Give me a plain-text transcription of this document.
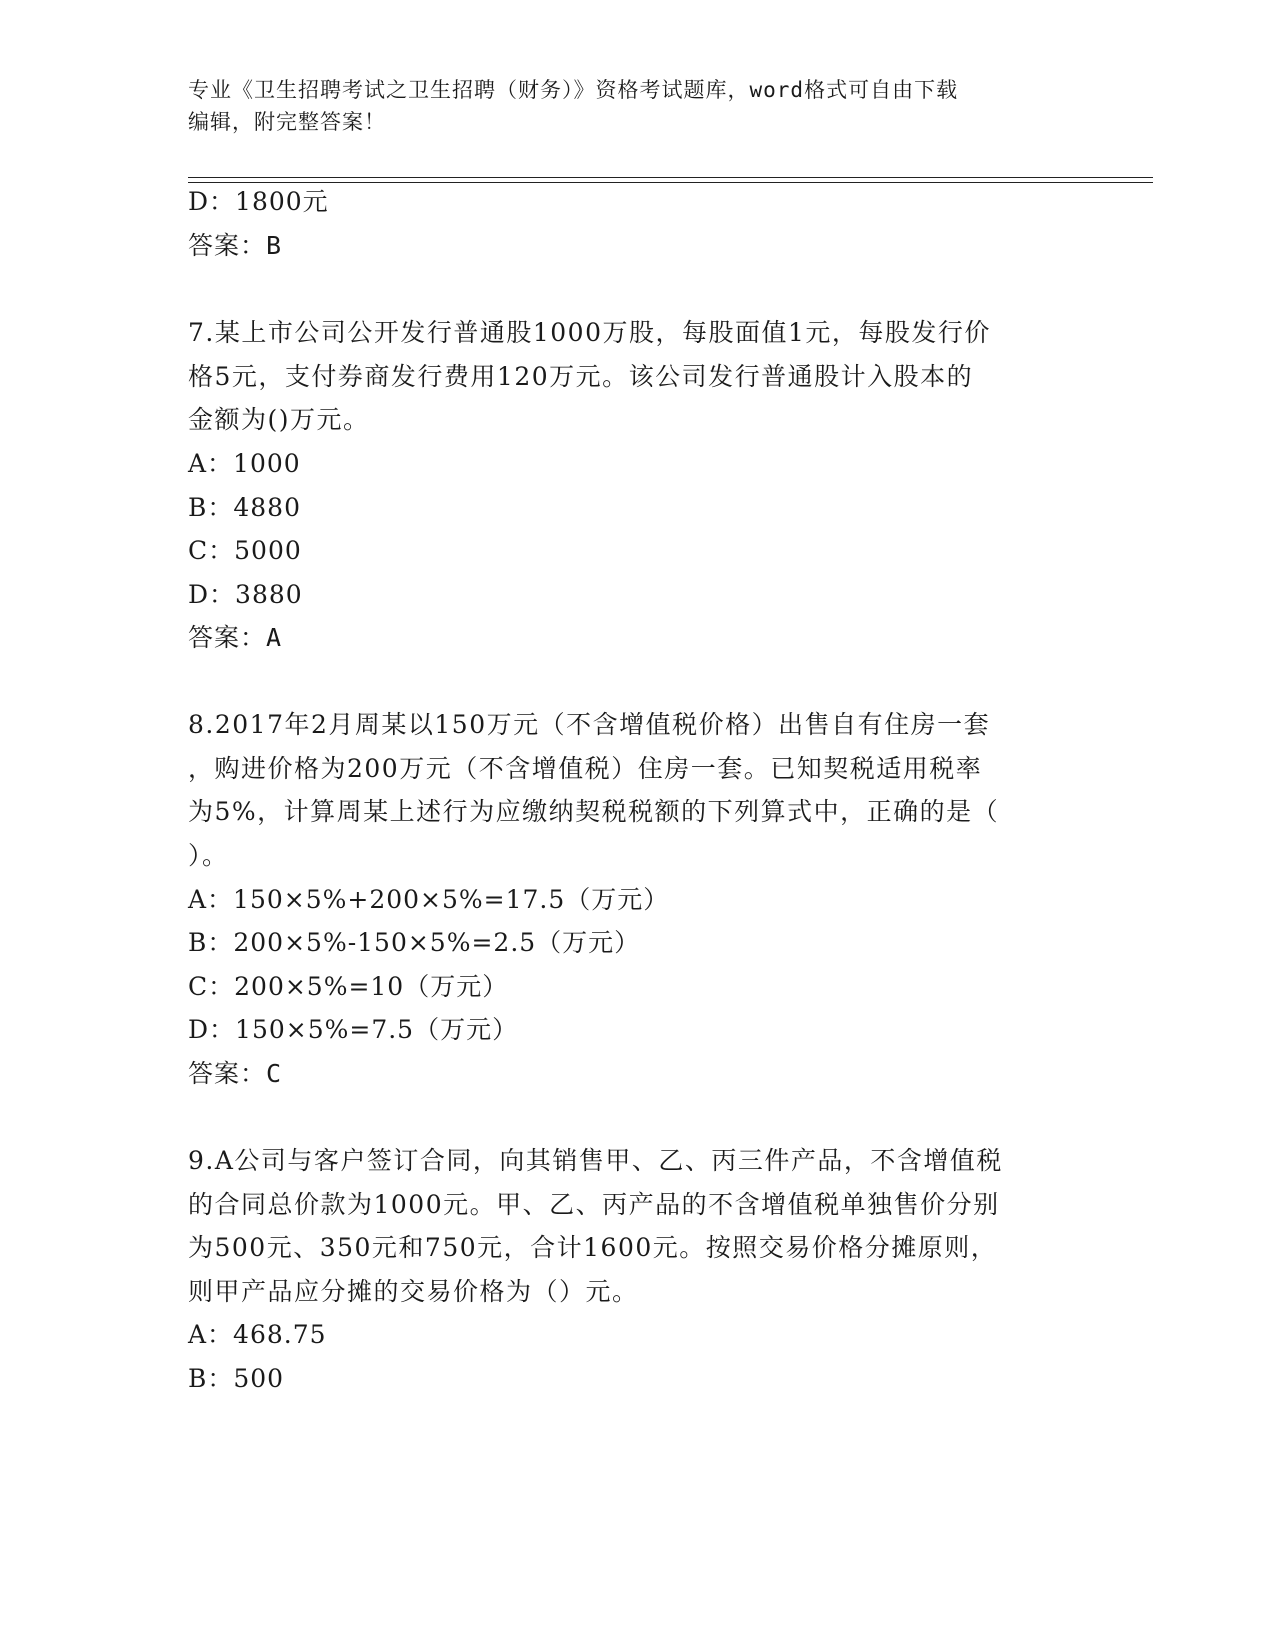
专业《卫生招聘考试之卫生招聘（财务）》资格考试题库，word格式可自由下载

编辑，附完整答案！

D：1800元

答案：B

7.某上市公司公开发行普通股1000万股，每股面值1元，每股发行价

格5元，支付券商发行费用120万元。该公司发行普通股计入股本的

金额为()万元。

A：1000

B：4880

C：5000

D：3880

答案：A

8.2017年2月周某以150万元（不含增值税价格）出售自有住房一套

，购进价格为200万元（不含增值税）住房一套。已知契税适用税率

为5%，计算周某上述行为应缴纳契税税额的下列算式中，正确的是（

）。

A：150×5%+200×5%=17.5（万元）

B：200×5%-150×5%=2.5（万元）

C：200×5%=10（万元）

D：150×5%=7.5（万元）

答案：C

9.A公司与客户签订合同，向其销售甲、乙、丙三件产品，不含增值税

的合同总价款为1000元。甲、乙、丙产品的不含增值税单独售价分别

为500元、350元和750元，合计1600元。按照交易价格分摊原则，

则甲产品应分摊的交易价格为（）元。

A：468.75

B：500
